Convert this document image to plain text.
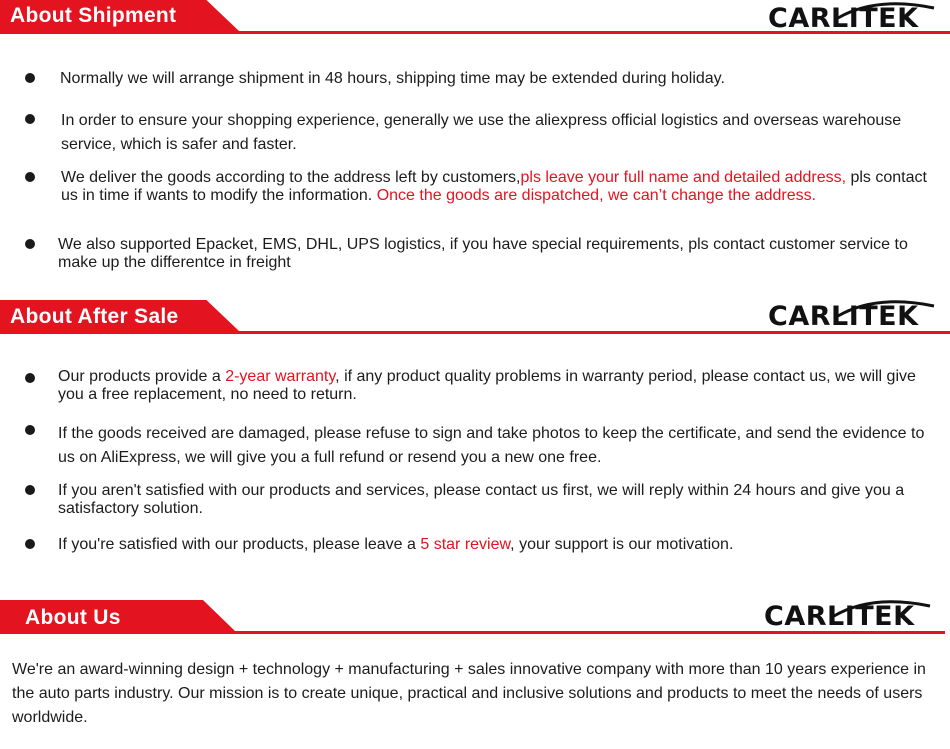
About Shipment	CARLITEK
Normally we will arrange shipment in 48 hours, shipping time may be extended during holiday.
In order to ensure your shopping experience, generally we use the aliexpress official logistics and overseas warehouse service, which is safer and faster.
We deliver the goods according to the address left by customers,pls leave your full name and detailed address, pls contact us in time if wants to modify the information. Once the goods are dispatched, we can’t change the address.
We also supported Epacket, EMS, DHL, UPS logistics, if you have special requirements, pls contact customer service to make up the differentce in freight
About After Sale	CARLITEK
Our products provide a 2-year warranty, if any product quality problems in warranty period, please contact us, we will give you a free replacement, no need to return.
If the goods received are damaged, please refuse to sign and take photos to keep the certificate, and send the evidence to us on AliExpress, we will give you a full refund or resend you a new one free.
If you aren't satisfied with our products and services, please contact us first, we will reply within 24 hours and give you a satisfactory solution.
If you're satisfied with our products, please leave a 5 star review, your support is our motivation.
About Us	CARLITEK

We're an award-winning design + technology + manufacturing + sales innovative company with more than 10 years experience in the auto parts industry. Our mission is to create unique, practical and inclusive solutions and products to meet the needs of users worldwide.
